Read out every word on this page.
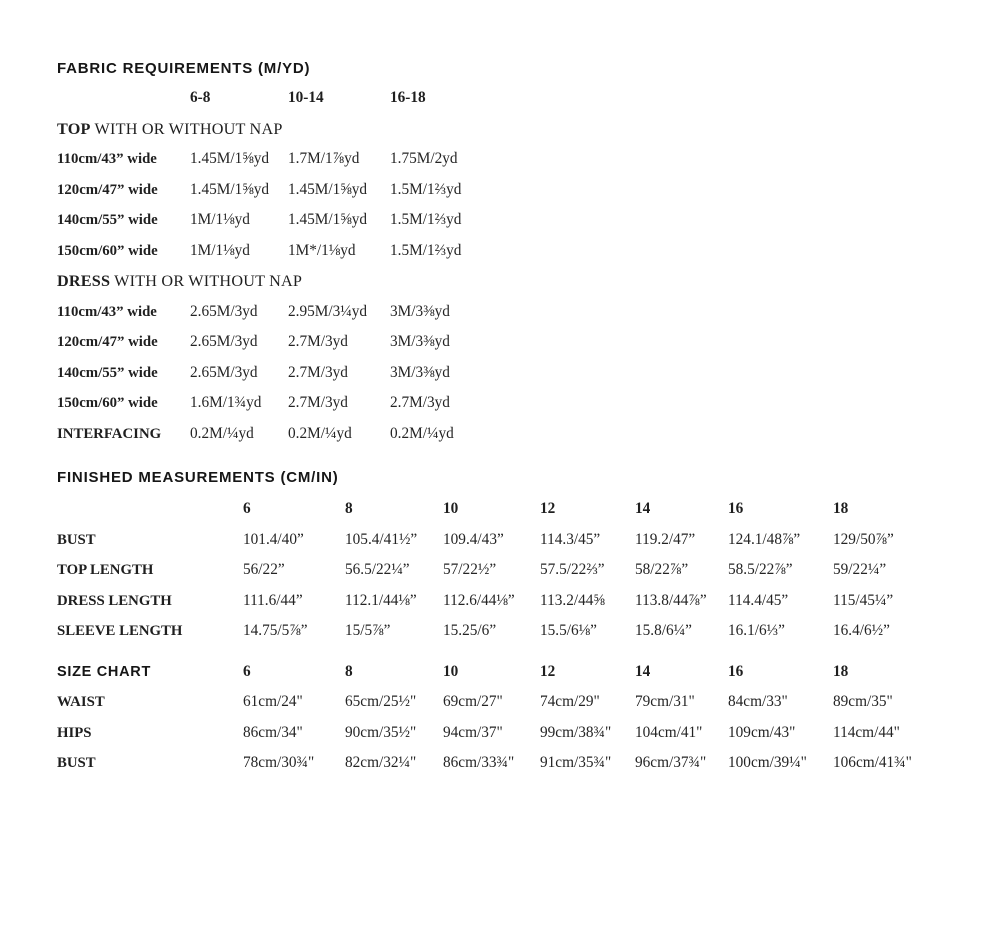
FABRIC REQUIREMENTS (M/YD)
6-8	10-14	16-18
TOP WITH OR WITHOUT NAP
110cm/43” wide	1.45M/1⅝yd	1.7M/1⅞yd	1.75M/2yd
120cm/47” wide	1.45M/1⅝yd	1.45M/1⅝yd	1.5M/1⅔yd
140cm/55” wide	1M/1⅛yd	1.45M/1⅝yd	1.5M/1⅔yd
150cm/60” wide	1M/1⅛yd	1M*/1⅛yd	1.5M/1⅔yd
DRESS WITH OR WITHOUT NAP
110cm/43” wide	2.65M/3yd	2.95M/3¼yd	3M/3⅜yd
120cm/47” wide	2.65M/3yd	2.7M/3yd	3M/3⅜yd
140cm/55” wide	2.65M/3yd	2.7M/3yd	3M/3⅜yd
150cm/60” wide	1.6M/1¾yd	2.7M/3yd	2.7M/3yd
INTERFACING	0.2M/¼yd	0.2M/¼yd	0.2M/¼yd
FINISHED MEASUREMENTS (CM/IN)
6	8	10	12	14	16	18
BUST	101.4/40”	105.4/41½”	109.4/43”	114.3/45”	119.2/47”	124.1/48⅞”	129/50⅞”
TOP LENGTH	56/22”	56.5/22¼”	57/22½”	57.5/22⅔”	58/22⅞”	58.5/22⅞”	59/22¼”
DRESS LENGTH	111.6/44”	112.1/44⅛”	112.6/44⅛”	113.2/44⅝	113.8/44⅞”	114.4/45”	115/45¼”
SLEEVE LENGTH	14.75/5⅞”	15/5⅞”	15.25/6”	15.5/6⅛”	15.8/6¼”	16.1/6⅓”	16.4/6½”
SIZE CHART	6	8	10	12	14	16	18
WAIST	61cm/24"	65cm/25½"	69cm/27"	74cm/29"	79cm/31"	84cm/33"	89cm/35"
HIPS	86cm/34"	90cm/35½"	94cm/37"	99cm/38¾"	104cm/41"	109cm/43"	114cm/44"
BUST	78cm/30¾"	82cm/32¼"	86cm/33¾"	91cm/35¾"	96cm/37¾"	100cm/39¼"	106cm/41¾"
